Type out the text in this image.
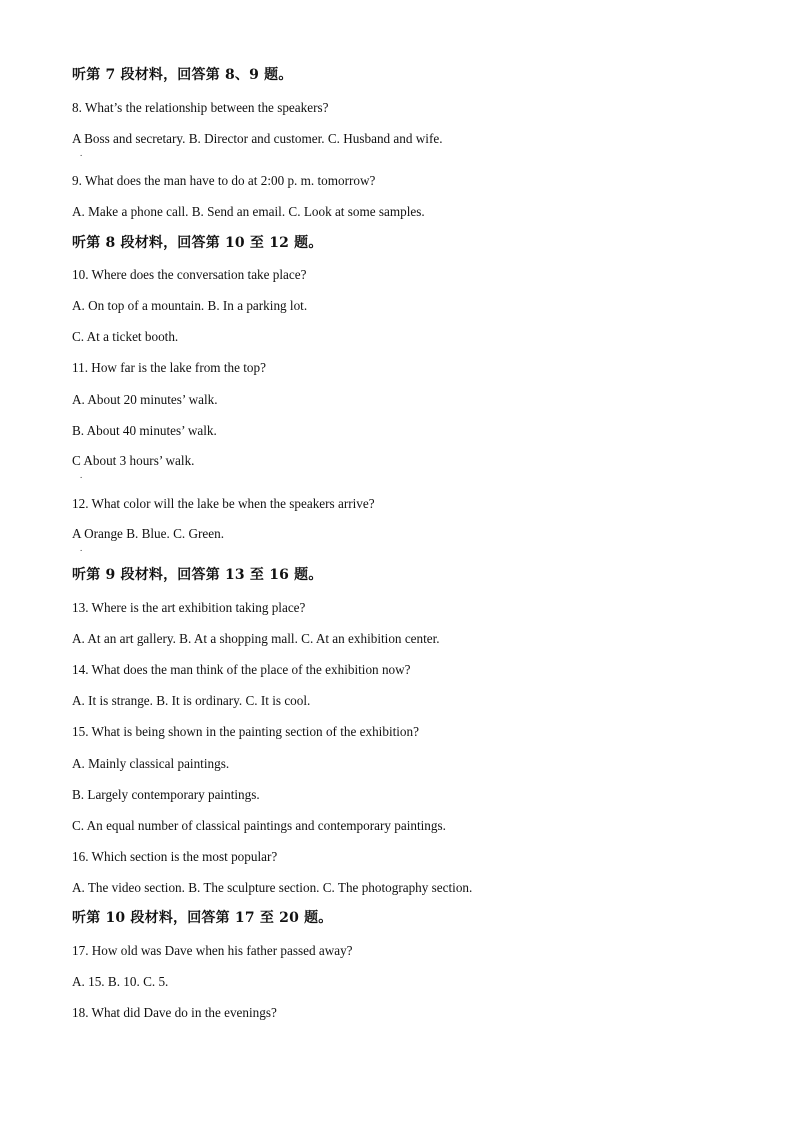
听第 7 段材料，回答第 8、9 题。
8. What’s the relationship between the speakers?
A Boss and secretary. B. Director and customer. C. Husband and wife.
.
9. What does the man have to do at 2:00 p. m. tomorrow?
A. Make a phone call. B. Send an email. C. Look at some samples.
听第 8 段材料，回答第 10 至 12 题。
10. Where does the conversation take place?
A. On top of a mountain. B. In a parking lot.
C. At a ticket booth.
11. How far is the lake from the top?
A. About 20 minutes’ walk.
B. About 40 minutes’ walk.
C About 3 hours’ walk.
.
12. What color will the lake be when the speakers arrive?
A Orange B. Blue. C. Green.
.
听第 9 段材料，回答第 13 至 16 题。
13. Where is the art exhibition taking place?
A. At an art gallery. B. At a shopping mall. C. At an exhibition center.
14. What does the man think of the place of the exhibition now?
A. It is strange. B. It is ordinary. C. It is cool.
15. What is being shown in the painting section of the exhibition?
A. Mainly classical paintings.
B. Largely contemporary paintings.
C. An equal number of classical paintings and contemporary paintings.
16. Which section is the most popular?
A. The video section. B. The sculpture section. C. The photography section.
听第 10 段材料，回答第 17 至 20 题。
17. How old was Dave when his father passed away?
A. 15. B. 10. C. 5.
18. What did Dave do in the evenings?
